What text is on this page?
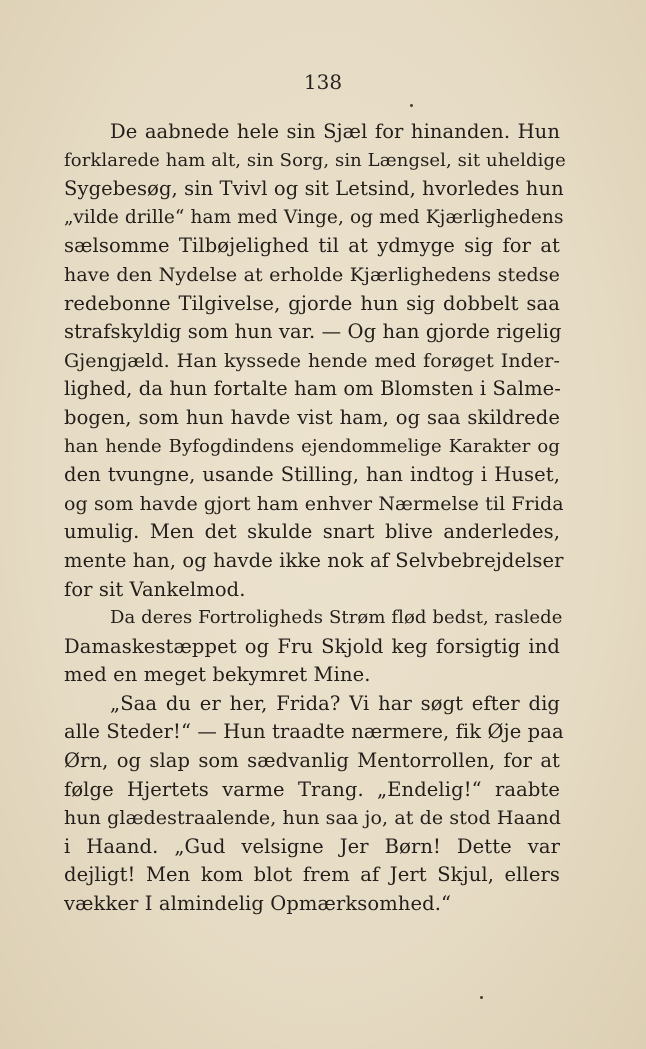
138
De aabnede hele sin Sjæl for hinanden. Hun
forklarede ham alt, sin Sorg, sin Længsel, sit uheldige
Sygebesøg, sin Tvivl og sit Letsind, hvorledes hun
„vilde drille“ ham med Vinge, og med Kjærlighedens
sælsomme Tilbøjelighed til at ydmyge sig for at
have den Nydelse at erholde Kjærlighedens stedse
redebonne Tilgivelse, gjorde hun sig dobbelt saa
strafskyldig som hun var. — Og han gjorde rigelig
Gjengjæld. Han kyssede hende med forøget Inder-
lighed, da hun fortalte ham om Blomsten i Salme-
bogen, som hun havde vist ham, og saa skildrede
han hende Byfogdindens ejendommelige Karakter og
den tvungne, usande Stilling, han indtog i Huset,
og som havde gjort ham enhver Nærmelse til Frida
umulig. Men det skulde snart blive anderledes,
mente han, og havde ikke nok af Selvbebrejdelser
for sit Vankelmod.
Da deres Fortroligheds Strøm flød bedst, raslede
Damaskestæppet og Fru Skjold keg forsigtig ind
med en meget bekymret Mine.
„Saa du er her, Frida? Vi har søgt efter dig
alle Steder!“ — Hun traadte nærmere, fik Øje paa
Ørn, og slap som sædvanlig Mentorrollen, for at
følge Hjertets varme Trang. „Endelig!“ raabte
hun glædestraalende, hun saa jo, at de stod Haand
i Haand. „Gud velsigne Jer Børn! Dette var
dejligt! Men kom blot frem af Jert Skjul, ellers
vækker I almindelig Opmærksomhed.“
